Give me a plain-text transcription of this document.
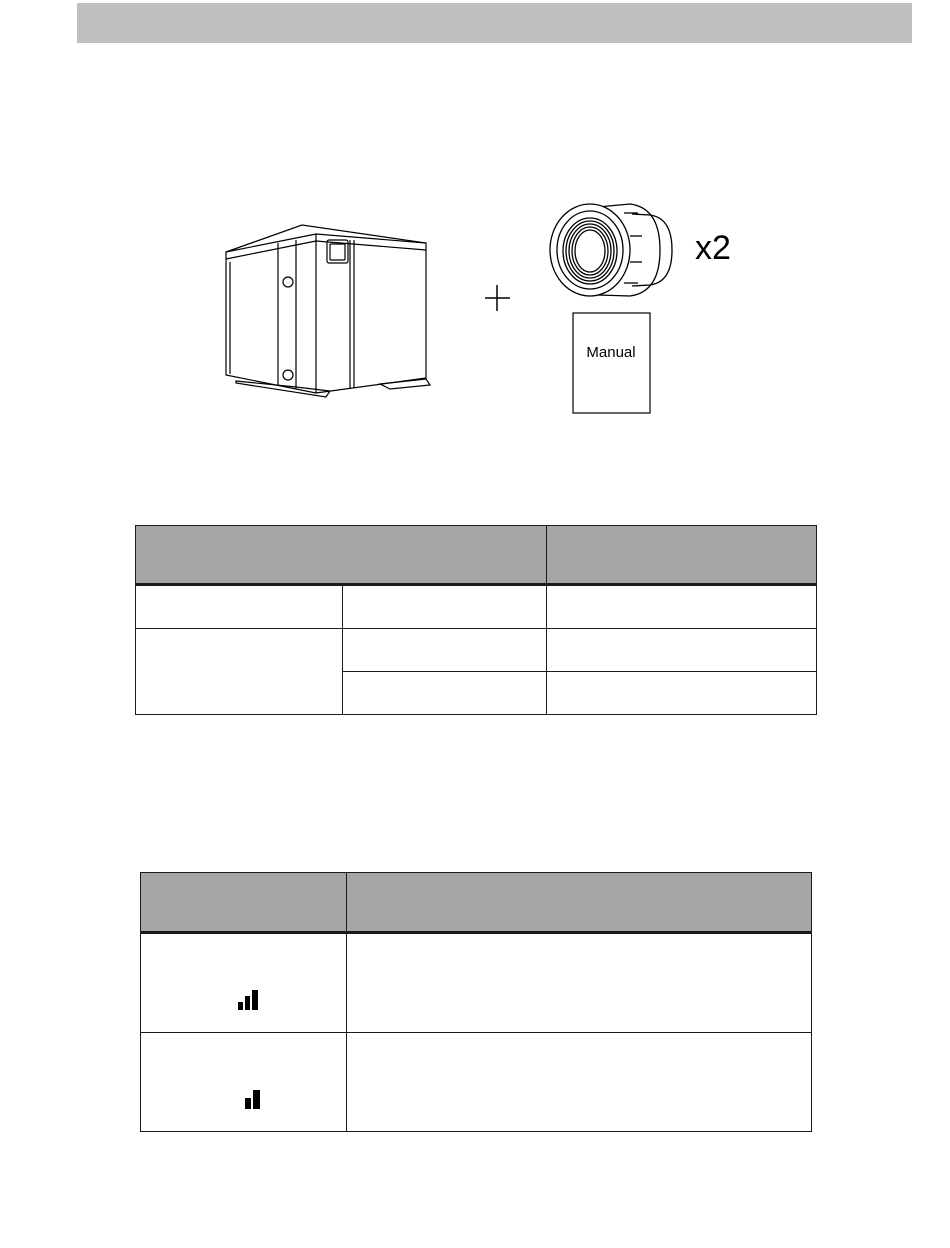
x2
Manual
